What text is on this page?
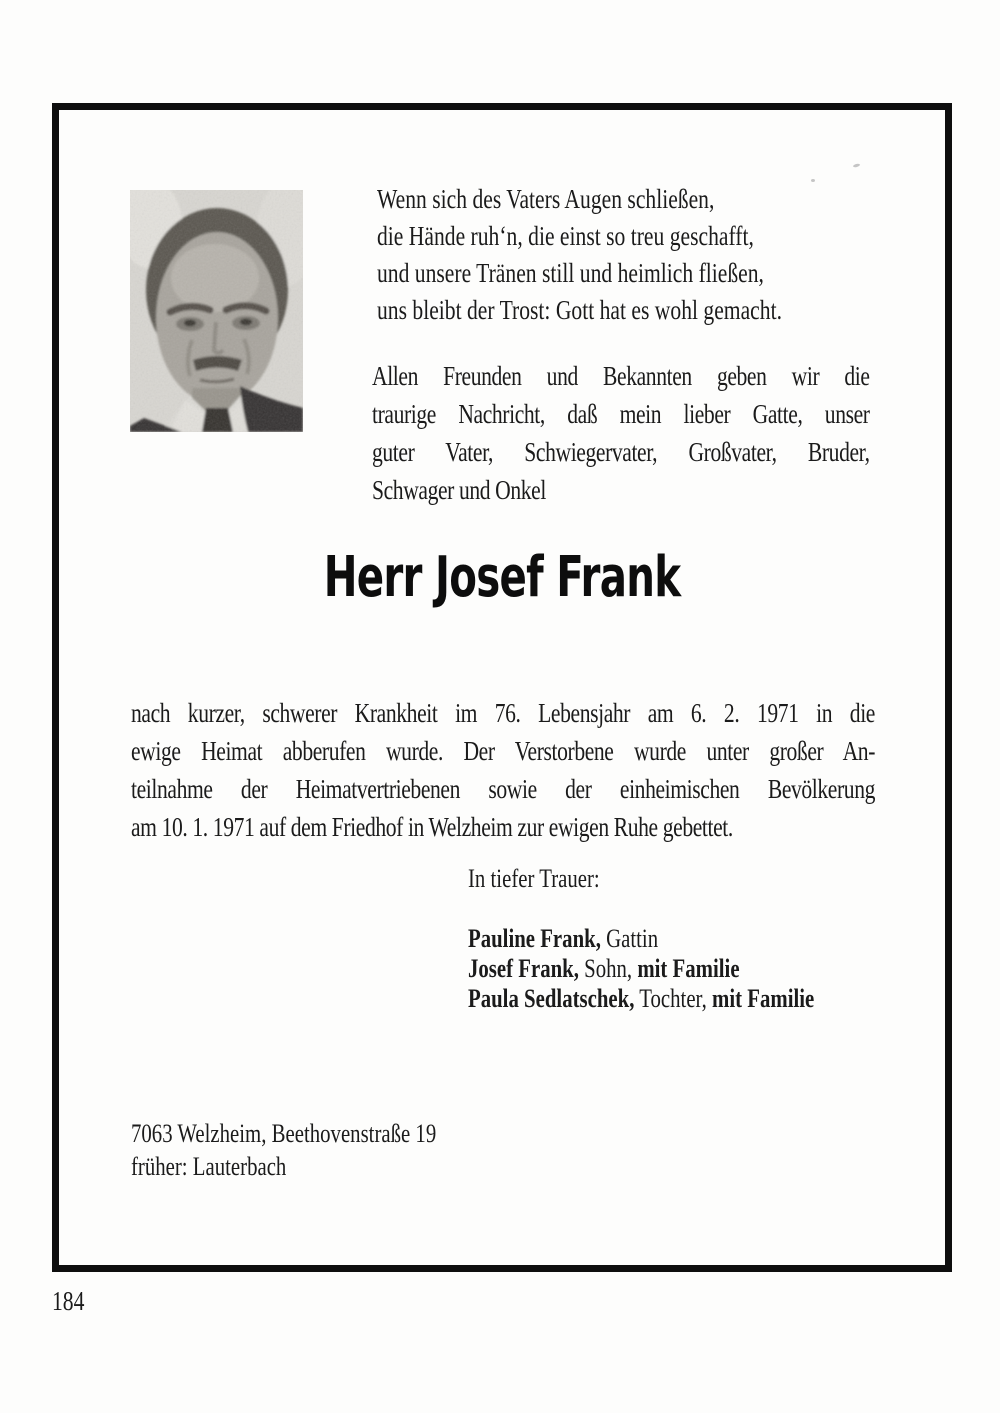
Wenn sich des Vaters Augen schließen,
die Hände ruh‘n, die einst so treu geschafft,
und unsere Tränen still und heimlich fließen,
uns bleibt der Trost: Gott hat es wohl gemacht.
Allen Freunden und Bekannten geben wir die
traurige Nachricht, daß mein lieber Gatte, unser
guter Vater, Schwiegervater, Großvater, Bruder,
Schwager und Onkel
Herr Josef Frank
nach kurzer, schwerer Krankheit im 76. Lebensjahr am 6. 2. 1971 in die
ewige Heimat abberufen wurde. Der Verstorbene wurde unter großer An-
teilnahme der Heimatvertriebenen sowie der einheimischen Bevölkerung
am 10. 1. 1971 auf dem Friedhof in Welzheim zur ewigen Ruhe gebettet.
In tiefer Trauer:
Pauline Frank, Gattin
Josef Frank, Sohn, mit Familie
Paula Sedlatschek, Tochter, mit Familie
7063 Welzheim, Beethovenstraße 19
früher: Lauterbach
184
